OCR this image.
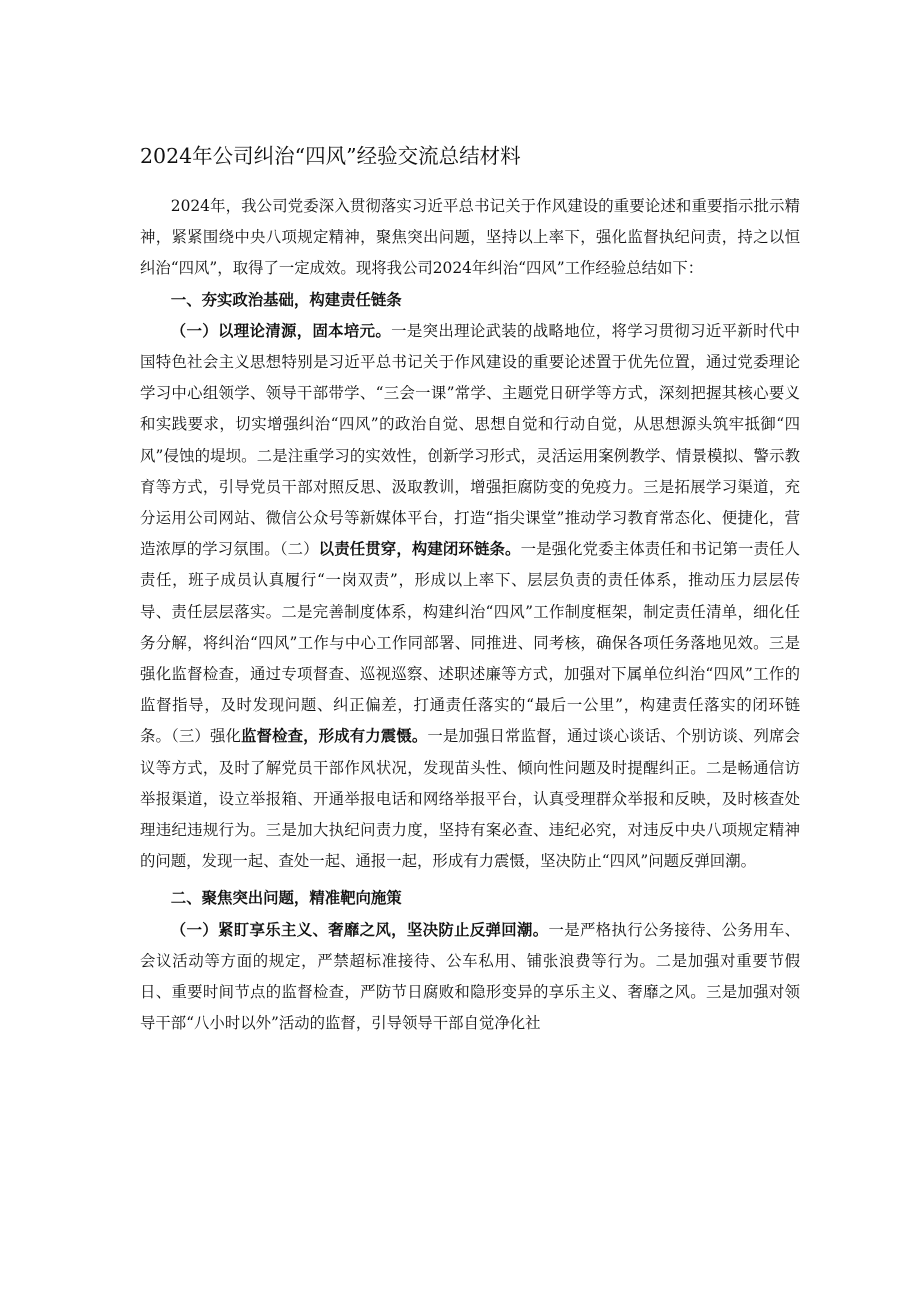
2024年公司纠治“四风”经验交流总结材料

2024年，我公司党委深入贯彻落实习近平总书记关于作风建设的重要论述和重要指示批示精神，紧紧围绕中央八项规定精神，聚焦突出问题，坚持以上率下，强化监督执纪问责，持之以恒纠治“四风”，取得了一定成效。现将我公司2024年纠治“四风”工作经验总结如下：

一、夯实政治基础，构建责任链条

（一）以理论清源，固本培元。一是突出理论武装的战略地位，将学习贯彻习近平新时代中国特色社会主义思想特别是习近平总书记关于作风建设的重要论述置于优先位置，通过党委理论学习中心组领学、领导干部带学、“三会一课”常学、主题党日研学等方式，深刻把握其核心要义和实践要求，切实增强纠治“四风”的政治自觉、思想自觉和行动自觉，从思想源头筑牢抵御“四风”侵蚀的堤坝。二是注重学习的实效性，创新学习形式，灵活运用案例教学、情景模拟、警示教育等方式，引导党员干部对照反思、汲取教训，增强拒腐防变的免疫力。三是拓展学习渠道，充分运用公司网站、微信公众号等新媒体平台，打造“指尖课堂”推动学习教育常态化、便捷化，营造浓厚的学习氛围。（二）以责任贯穿，构建闭环链条。一是强化党委主体责任和书记第一责任人责任，班子成员认真履行“一岗双责”，形成以上率下、层层负责的责任体系，推动压力层层传导、责任层层落实。二是完善制度体系，构建纠治“四风”工作制度框架，制定责任清单，细化任务分解，将纠治“四风”工作与中心工作同部署、同推进、同考核，确保各项任务落地见效。三是强化监督检查，通过专项督查、巡视巡察、述职述廉等方式，加强对下属单位纠治“四风”工作的监督指导，及时发现问题、纠正偏差，打通责任落实的“最后一公里”，构建责任落实的闭环链条。（三）强化监督检查，形成有力震慑。一是加强日常监督，通过谈心谈话、个别访谈、列席会议等方式，及时了解党员干部作风状况，发现苗头性、倾向性问题及时提醒纠正。二是畅通信访举报渠道，设立举报箱、开通举报电话和网络举报平台，认真受理群众举报和反映，及时核查处理违纪违规行为。三是加大执纪问责力度，坚持有案必查、违纪必究，对违反中央八项规定精神的问题，发现一起、查处一起、通报一起，形成有力震慑，坚决防止“四风”问题反弹回潮。

二、聚焦突出问题，精准靶向施策

（一）紧盯享乐主义、奢靡之风，坚决防止反弹回潮。一是严格执行公务接待、公务用车、会议活动等方面的规定，严禁超标准接待、公车私用、铺张浪费等行为。二是加强对重要节假日、重要时间节点的监督检查，严防节日腐败和隐形变异的享乐主义、奢靡之风。三是加强对领导干部“八小时以外”活动的监督，引导领导干部自觉净化社
